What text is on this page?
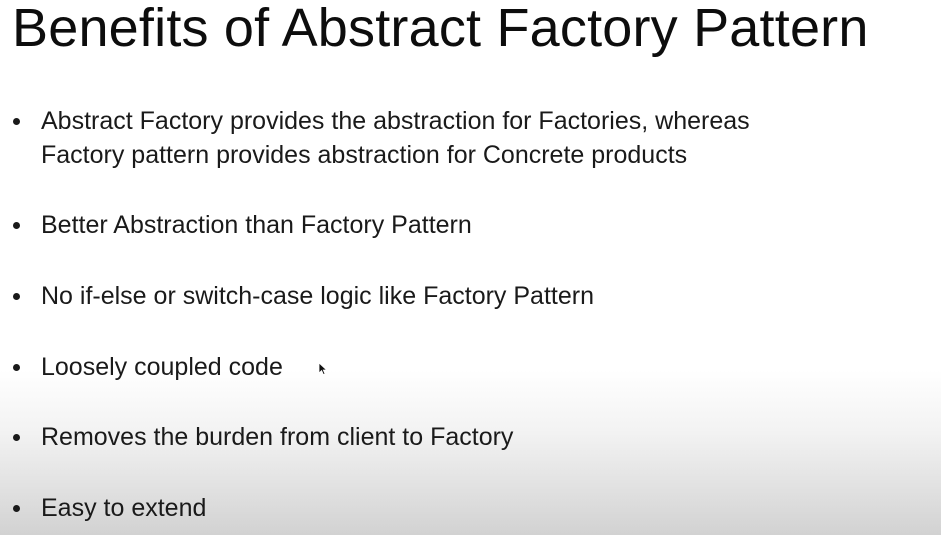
Benefits of Abstract Factory Pattern
Abstract Factory provides the abstraction for Factories, whereas
Factory pattern provides abstraction for Concrete products
Better Abstraction than Factory Pattern
No if-else or switch-case logic like Factory Pattern
Loosely coupled code
Removes the burden from client to Factory
Easy to extend
